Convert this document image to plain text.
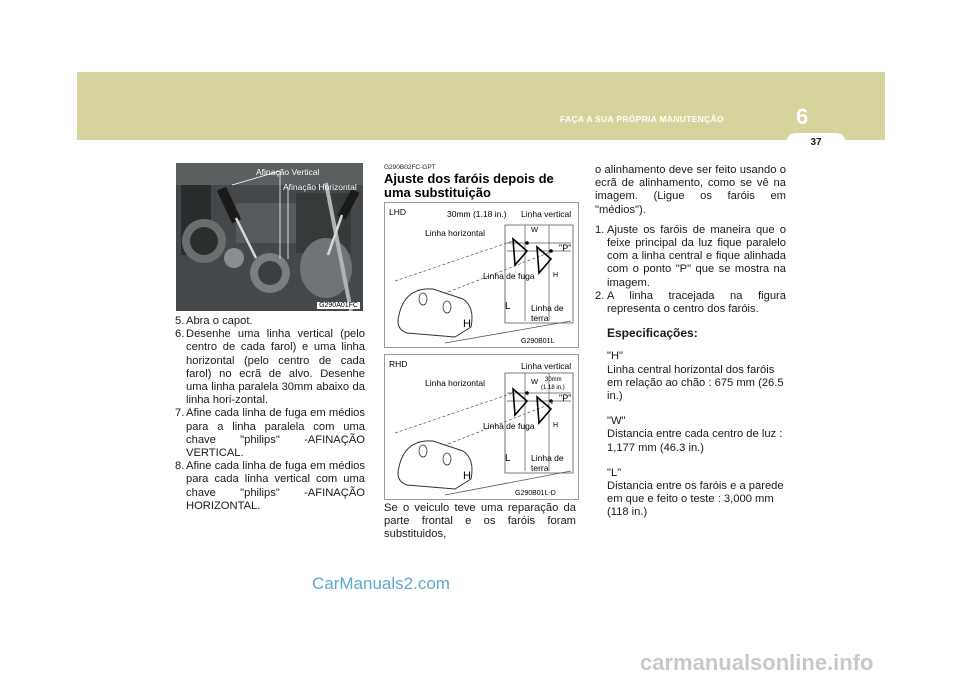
FAÇA A SUA PRÓPRIA MANUTENÇÃO	6
37
Afinação Vertical
Afinação Horizontal
G290A01FC
5. Abra o capot.
6. Desenhe uma linha vertical (pelo centro de cada farol) e uma linha horizontal (pelo centro de cada farol) no ecrã de alvo. Desenhe uma linha paralela 30mm abaixo da linha hori-zontal.
7. Afine cada linha de fuga em médios para a linha paralela com uma chave "philips" -AFINAÇÃO VERTICAL.
8. Afine cada linha de fuga em médios para cada linha vertical com uma chave "philips" -AFINAÇÃO HORIZONTAL.
G290B02FC-GPT
Ajuste dos faróis depois de uma substituição
LHD	30mm (1.18 in.) Linha vertical
Linha horizontal	W
"P"
H
Linha de fuga
L Linha de
terra
H
G290B01L
RHD	Linha vertical
Linha horizontal	W 30mm
(1.18 in.)
"P"
H
Linha de fuga
L Linha de
terra
H
G290B01L-D
Se o veiculo teve uma reparação da parte frontal e os faróis foram substituidos,
o alinhamento deve ser feito usando o ecrã de alinhamento, como se vê na imagem. (Ligue os faróis em "médios").
1. Ajuste os faróis de maneira que o feixe principal da luz fique paralelo com a linha central e fique alinhada com o ponto "P" que se mostra na imagem.
2. A linha tracejada na figura representa o centro dos faróis.
Especificações:
"H"
Linha central horizontal dos faróis em relação ao chão : 675 mm (26.5 in.)
"W"
Distancia entre cada centro de luz : 1,177 mm (46.3 in.)
"L"
Distancia entre os faróis e a parede em que e feito o teste : 3,000 mm (118 in.)
CarManuals2.com
carmanualsonline.info
